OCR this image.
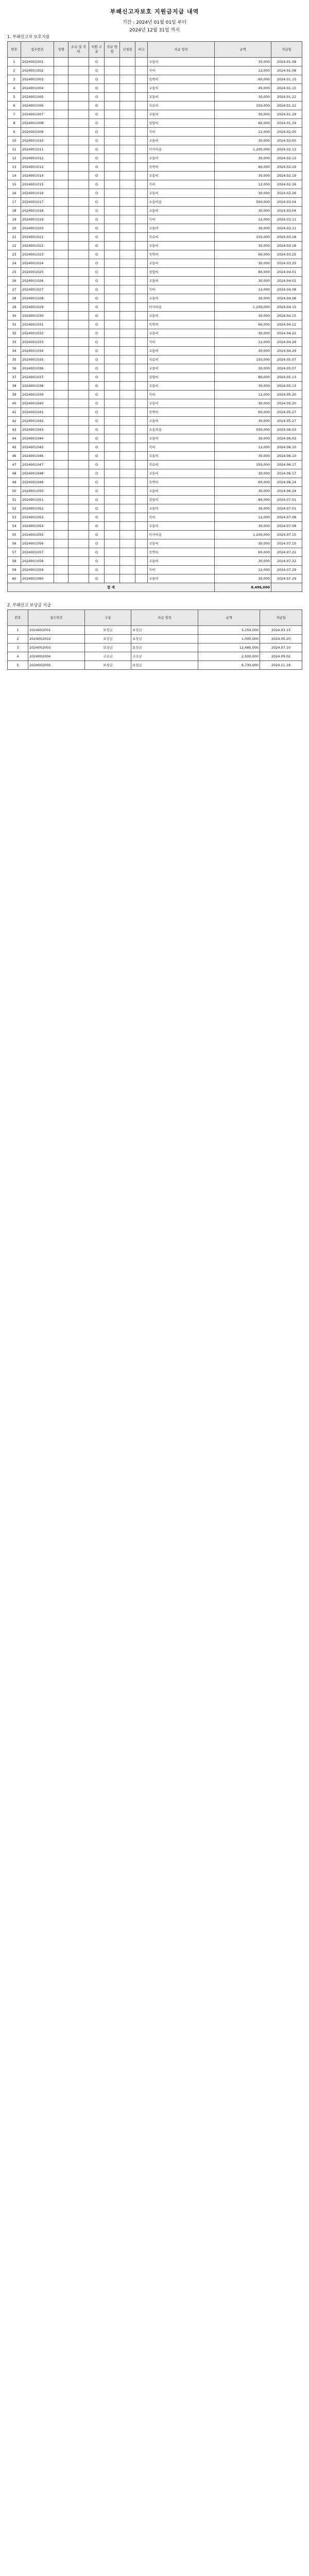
부패신고자보호 지원금지급 내역
기간 : 2024년 01월 01일 부터
2024년 12월 31일 까지
1. 부패신고자 보호지원
번호	접수번호	성명	소속 및 직위	지원 구분	지급 방법	신청일	비고	지급 항목	금액	지급일
1	2024001001			O				교통비	30,000	2024.01.08
2	2024001002			O				식비	12,000	2024.01.08
3	2024001003			O				숙박비	60,000	2024.01.15
4	2024001004			O				교통비	45,000	2024.01.15
5	2024001005			O				교통비	30,000	2024.01.22
6	2024001006			O				치료비	150,000	2024.01.22
7	2024001007			O				교통비	30,000	2024.01.29
8	2024001008			O				상담비	80,000	2024.01.29
9	2024001009			O				식비	12,000	2024.02.05
10	2024001010			O				교통비	30,000	2024.02.05
11	2024001011			O				이사비용	1,200,000	2024.02.13
12	2024001012			O				교통비	30,000	2024.02.13
13	2024001013			O				숙박비	60,000	2024.02.19
14	2024001014			O				교통비	30,000	2024.02.19
15	2024001015			O				식비	12,000	2024.02.26
16	2024001016			O				교통비	30,000	2024.02.26
17	2024001017			O				소송비용	500,000	2024.03.04
18	2024001018			O				교통비	30,000	2024.03.04
19	2024001019			O				식비	12,000	2024.03.11
20	2024001020			O				교통비	30,000	2024.03.11
21	2024001021			O				치료비	150,000	2024.03.18
22	2024001022			O				교통비	30,000	2024.03.18
23	2024001023			O				숙박비	60,000	2024.03.25
24	2024001024			O				교통비	30,000	2024.03.25
25	2024001025			O				상담비	80,000	2024.04.01
26	2024001026			O				교통비	30,000	2024.04.01
27	2024001027			O				식비	12,000	2024.04.08
28	2024001028			O				교통비	30,000	2024.04.08
29	2024001029			O				이사비용	1,200,000	2024.04.15
30	2024001030			O				교통비	30,000	2024.04.15
31	2024001031			O				숙박비	60,000	2024.04.22
32	2024001032			O				교통비	30,000	2024.04.22
33	2024001033			O				식비	12,000	2024.04.29
34	2024001034			O				교통비	30,000	2024.04.29
35	2024001035			O				치료비	150,000	2024.05.07
36	2024001036			O				교통비	30,000	2024.05.07
37	2024001037			O				상담비	80,000	2024.05.13
38	2024001038			O				교통비	30,000	2024.05.13
39	2024001039			O				식비	12,000	2024.05.20
40	2024001040			O				교통비	30,000	2024.05.20
41	2024001041			O				숙박비	60,000	2024.05.27
42	2024001042			O				교통비	30,000	2024.05.27
43	2024001043			O				소송비용	500,000	2024.06.03
44	2024001044			O				교통비	30,000	2024.06.03
45	2024001045			O				식비	12,000	2024.06.10
46	2024001046			O				교통비	30,000	2024.06.10
47	2024001047			O				치료비	150,000	2024.06.17
48	2024001048			O				교통비	30,000	2024.06.17
49	2024001049			O				숙박비	60,000	2024.06.24
50	2024001050			O				교통비	30,000	2024.06.24
51	2024001051			O				상담비	80,000	2024.07.01
52	2024001052			O				교통비	30,000	2024.07.01
53	2024001053			O				식비	12,000	2024.07.08
54	2024001054			O				교통비	30,000	2024.07.08
55	2024001055			O				이사비용	1,200,000	2024.07.15
56	2024001056			O				교통비	30,000	2024.07.15
57	2024001057			O				숙박비	60,000	2024.07.22
58	2024001058			O				교통비	30,000	2024.07.22
59	2024001059			O				식비	12,000	2024.07.29
60	2024001060			O				교통비	30,000	2024.07.29
합 계									8,496,000	
2. 부패신고 보상금 지급
번호	접수번호	구분	지급 항목	금액	지급일
1	2024002001	보상금	보상금	3,250,000	2024.03.15
2	2024002002	포상금	포상금	1,000,000	2024.05.20
3	2024002003	보상금	보상금	12,480,000	2024.07.10
4	2024002004	구조금	구조금	2,500,000	2024.09.02
5	2024002005	보상금	보상금	6,730,000	2024.11.18
